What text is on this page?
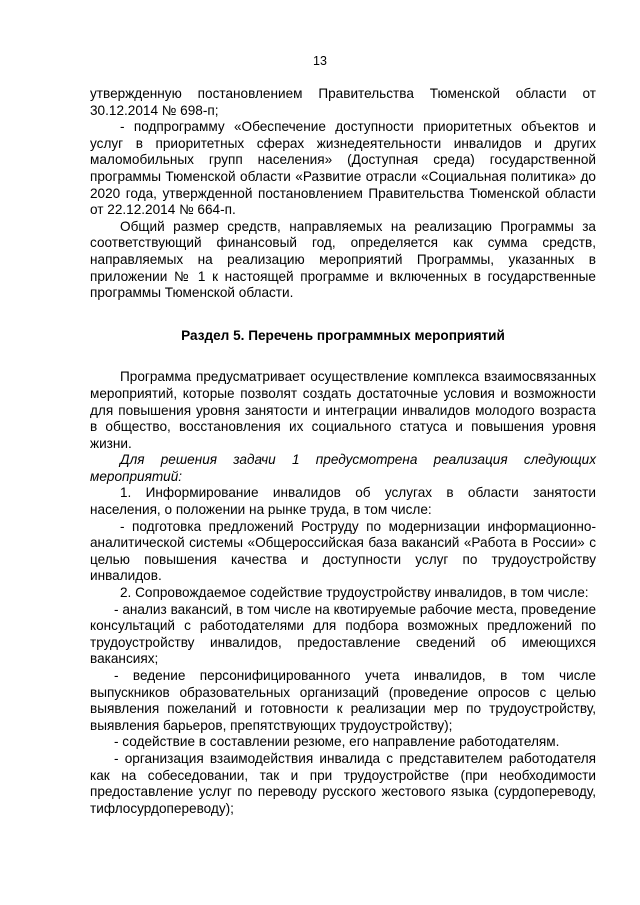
13

утвержденную постановлением Правительства Тюменской области от 30.12.2014 № 698-п;

- подпрограмму «Обеспечение доступности приоритетных объектов и услуг в приоритетных сферах жизнедеятельности инвалидов и других маломобильных групп населения» (Доступная среда) государственной программы Тюменской области «Развитие отрасли «Социальная политика» до 2020 года, утвержденной постановлением Правительства Тюменской области от 22.12.2014 № 664-п.

Общий размер средств, направляемых на реализацию Программы за соответствующий финансовый год, определяется как сумма средств, направляемых на реализацию мероприятий Программы, указанных в приложении № 1 к настоящей программе и включенных в государственные программы Тюменской области.

Раздел 5. Перечень программных мероприятий

Программа предусматривает осуществление комплекса взаимосвязанных мероприятий, которые позволят создать достаточные условия и возможности для повышения уровня занятости и интеграции инвалидов молодого возраста в общество, восстановления их социального статуса и повышения уровня жизни.

Для решения задачи 1 предусмотрена реализация следующих мероприятий:

1. Информирование инвалидов об услугах в области занятости населения, о положении на рынке труда, в том числе:

- подготовка предложений Роструду по модернизации информационно-аналитической системы «Общероссийская база вакансий «Работа в России» с целью повышения качества и доступности услуг по трудоустройству инвалидов.

2. Сопровождаемое содействие трудоустройству инвалидов, в том числе:

- анализ вакансий, в том числе на квотируемые рабочие места, проведение консультаций с работодателями для подбора возможных предложений по трудоустройству инвалидов, предоставление сведений об имеющихся вакансиях;

- ведение персонифицированного учета инвалидов, в том числе выпускников образовательных организаций (проведение опросов с целью выявления пожеланий и готовности к реализации мер по трудоустройству, выявления барьеров, препятствующих трудоустройству);

- содействие в составлении резюме, его направление работодателям.

- организация взаимодействия инвалида с представителем работодателя как на собеседовании, так и при трудоустройстве (при необходимости предоставление услуг по переводу русского жестового языка (сурдопереводу, тифлосурдопереводу);
